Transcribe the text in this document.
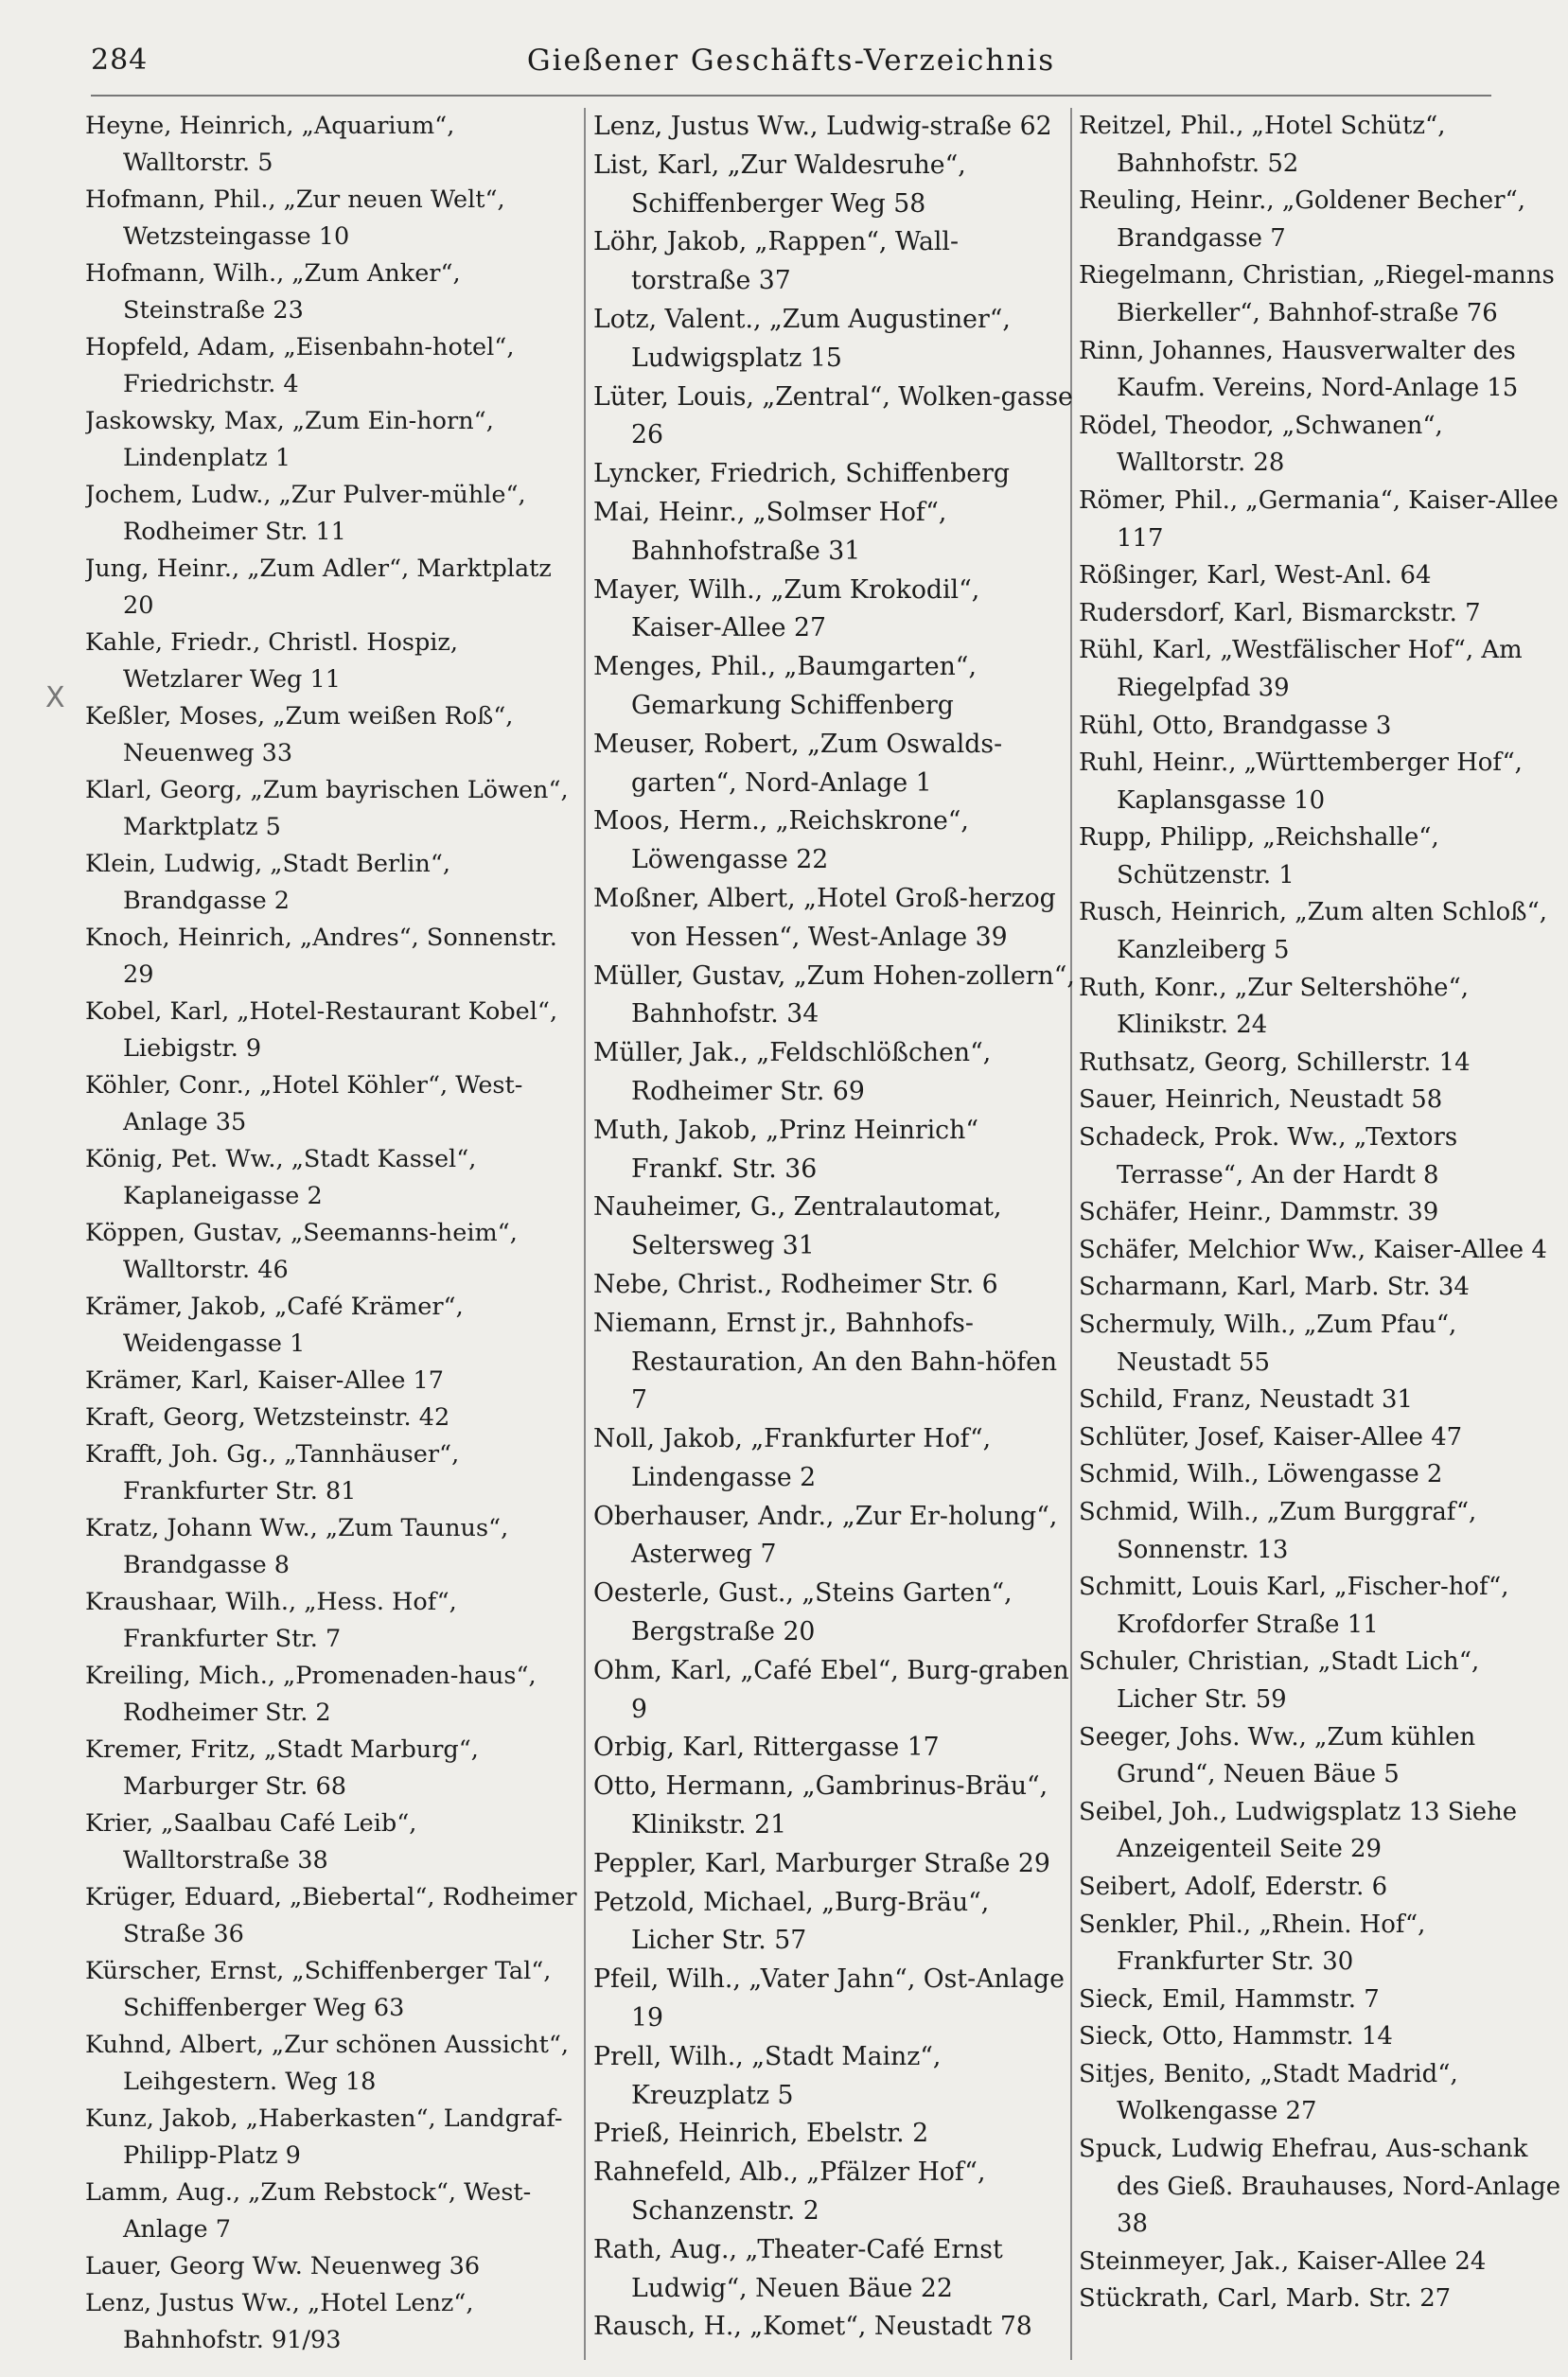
284	Gießener Geschäfts-Verzeichnis
X
Heyne, Heinrich, „Aquarium“, Walltorstr. 5
Hofmann, Phil., „Zur neuen Welt“, Wetzsteingasse 10
Hofmann, Wilh., „Zum Anker“, Steinstraße 23
Hopfeld, Adam, „Eisenbahn-hotel“, Friedrichstr. 4
Jaskowsky, Max, „Zum Ein-horn“, Lindenplatz 1
Jochem, Ludw., „Zur Pulver-mühle“, Rodheimer Str. 11
Jung, Heinr., „Zum Adler“, Marktplatz 20
Kahle, Friedr., Christl. Hospiz, Wetzlarer Weg 11
Keßler, Moses, „Zum weißen Roß“, Neuenweg 33
Klarl, Georg, „Zum bayrischen Löwen“, Marktplatz 5
Klein, Ludwig, „Stadt Berlin“, Brandgasse 2
Knoch, Heinrich, „Andres“, Sonnenstr. 29
Kobel, Karl, „Hotel-Restaurant Kobel“, Liebigstr. 9
Köhler, Conr., „Hotel Köhler“, West-Anlage 35
König, Pet. Ww., „Stadt Kassel“, Kaplaneigasse 2
Köppen, Gustav, „Seemanns-heim“, Walltorstr. 46
Krämer, Jakob, „Café Krämer“, Weidengasse 1
Krämer, Karl, Kaiser-Allee 17
Kraft, Georg, Wetzsteinstr. 42
Krafft, Joh. Gg., „Tannhäuser“, Frankfurter Str. 81
Kratz, Johann Ww., „Zum Taunus“, Brandgasse 8
Kraushaar, Wilh., „Hess. Hof“, Frankfurter Str. 7
Kreiling, Mich., „Promenaden-haus“, Rodheimer Str. 2
Kremer, Fritz, „Stadt Marburg“, Marburger Str. 68
Krier, „Saalbau Café Leib“, Walltorstraße 38
Krüger, Eduard, „Biebertal“, Rodheimer Straße 36
Kürscher, Ernst, „Schiffenberger Tal“, Schiffenberger Weg 63
Kuhnd, Albert, „Zur schönen Aussicht“, Leihgestern. Weg 18
Kunz, Jakob, „Haberkasten“, Landgraf-Philipp-Platz 9
Lamm, Aug., „Zum Rebstock“, West-Anlage 7
Lauer, Georg Ww. Neuenweg 36
Lenz, Justus Ww., „Hotel Lenz“, Bahnhofstr. 91/93
Lenz, Justus Ww., Ludwig-straße 62
List, Karl, „Zur Waldesruhe“, Schiffenberger Weg 58
Löhr, Jakob, „Rappen“, Wall-torstraße 37
Lotz, Valent., „Zum Augustiner“, Ludwigsplatz 15
Lüter, Louis, „Zentral“, Wolken-gasse 26
Lyncker, Friedrich, Schiffenberg
Mai, Heinr., „Solmser Hof“, Bahnhofstraße 31
Mayer, Wilh., „Zum Krokodil“, Kaiser-Allee 27
Menges, Phil., „Baumgarten“, Gemarkung Schiffenberg
Meuser, Robert, „Zum Oswalds-garten“, Nord-Anlage 1
Moos, Herm., „Reichskrone“, Löwengasse 22
Moßner, Albert, „Hotel Groß-herzog von Hessen“, West-Anlage 39
Müller, Gustav, „Zum Hohen-zollern“, Bahnhofstr. 34
Müller, Jak., „Feldschlößchen“, Rodheimer Str. 69
Muth, Jakob, „Prinz Heinrich“ Frankf. Str. 36
Nauheimer, G., Zentralautomat, Seltersweg 31
Nebe, Christ., Rodheimer Str. 6
Niemann, Ernst jr., Bahnhofs-Restauration, An den Bahn-höfen 7
Noll, Jakob, „Frankfurter Hof“, Lindengasse 2
Oberhauser, Andr., „Zur Er-holung“, Asterweg 7
Oesterle, Gust., „Steins Garten“, Bergstraße 20
Ohm, Karl, „Café Ebel“, Burg-graben 9
Orbig, Karl, Rittergasse 17
Otto, Hermann, „Gambrinus-Bräu“, Klinikstr. 21
Peppler, Karl, Marburger Straße 29
Petzold, Michael, „Burg-Bräu“, Licher Str. 57
Pfeil, Wilh., „Vater Jahn“, Ost-Anlage 19
Prell, Wilh., „Stadt Mainz“, Kreuzplatz 5
Prieß, Heinrich, Ebelstr. 2
Rahnefeld, Alb., „Pfälzer Hof“, Schanzenstr. 2
Rath, Aug., „Theater-Café Ernst Ludwig“, Neuen Bäue 22
Rausch, H., „Komet“, Neustadt 78
Reitzel, Phil., „Hotel Schütz“, Bahnhofstr. 52
Reuling, Heinr., „Goldener Becher“, Brandgasse 7
Riegelmann, Christian, „Riegel-manns Bierkeller“, Bahnhof-straße 76
Rinn, Johannes, Hausverwalter des Kaufm. Vereins, Nord-Anlage 15
Rödel, Theodor, „Schwanen“, Walltorstr. 28
Römer, Phil., „Germania“, Kaiser-Allee 117
Rößinger, Karl, West-Anl. 64
Rudersdorf, Karl, Bismarckstr. 7
Rühl, Karl, „Westfälischer Hof“, Am Riegelpfad 39
Rühl, Otto, Brandgasse 3
Ruhl, Heinr., „Württemberger Hof“, Kaplansgasse 10
Rupp, Philipp, „Reichshalle“, Schützenstr. 1
Rusch, Heinrich, „Zum alten Schloß“, Kanzleiberg 5
Ruth, Konr., „Zur Seltershöhe“, Klinikstr. 24
Ruthsatz, Georg, Schillerstr. 14
Sauer, Heinrich, Neustadt 58
Schadeck, Prok. Ww., „Textors Terrasse“, An der Hardt 8
Schäfer, Heinr., Dammstr. 39
Schäfer, Melchior Ww., Kaiser-Allee 4
Scharmann, Karl, Marb. Str. 34
Schermuly, Wilh., „Zum Pfau“, Neustadt 55
Schild, Franz, Neustadt 31
Schlüter, Josef, Kaiser-Allee 47
Schmid, Wilh., Löwengasse 2
Schmid, Wilh., „Zum Burggraf“, Sonnenstr. 13
Schmitt, Louis Karl, „Fischer-hof“, Krofdorfer Straße 11
Schuler, Christian, „Stadt Lich“, Licher Str. 59
Seeger, Johs. Ww., „Zum kühlen Grund“, Neuen Bäue 5
Seibel, Joh., Ludwigsplatz 13 Siehe Anzeigenteil Seite 29
Seibert, Adolf, Ederstr. 6
Senkler, Phil., „Rhein. Hof“, Frankfurter Str. 30
Sieck, Emil, Hammstr. 7
Sieck, Otto, Hammstr. 14
Sitjes, Benito, „Stadt Madrid“, Wolkengasse 27
Spuck, Ludwig Ehefrau, Aus-schank des Gieß. Brauhauses, Nord-Anlage 38
Steinmeyer, Jak., Kaiser-Allee 24
Stückrath, Carl, Marb. Str. 27
